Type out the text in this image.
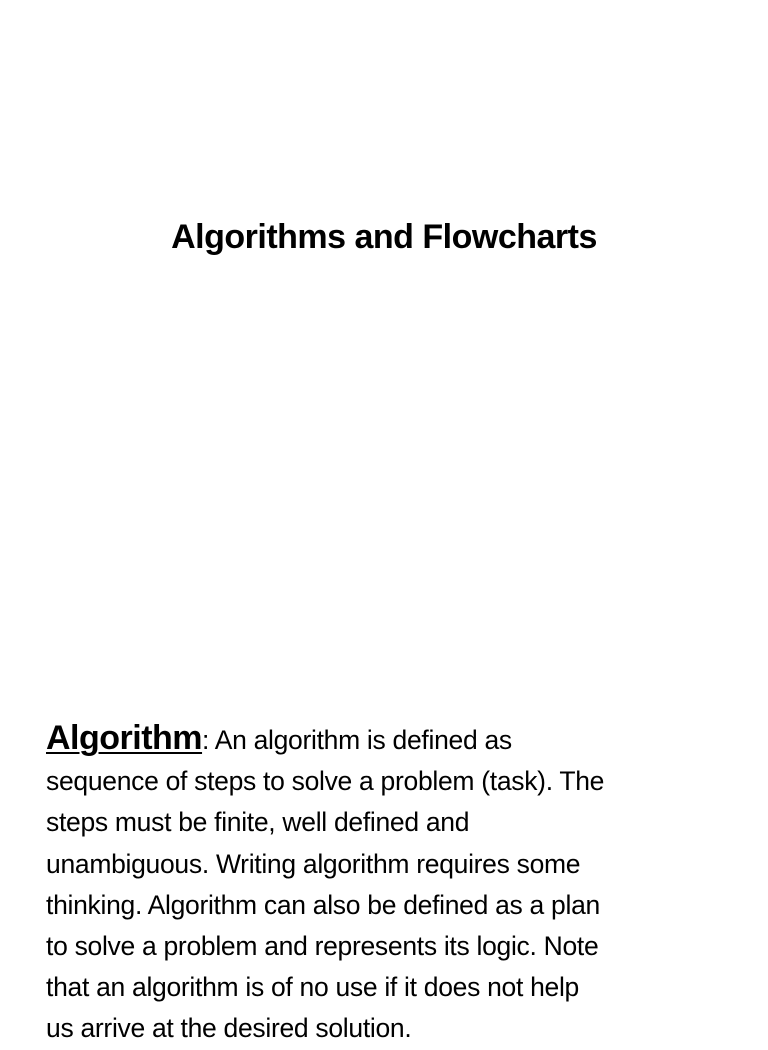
Algorithms and Flowcharts
Algorithm: An algorithm is defined as
sequence of steps to solve a problem (task). The
steps must be finite, well defined and
unambiguous. Writing algorithm requires some
thinking. Algorithm can also be defined as a plan
to solve a problem and represents its logic. Note
that an algorithm is of no use if it does not help
us arrive at the desired solution.
